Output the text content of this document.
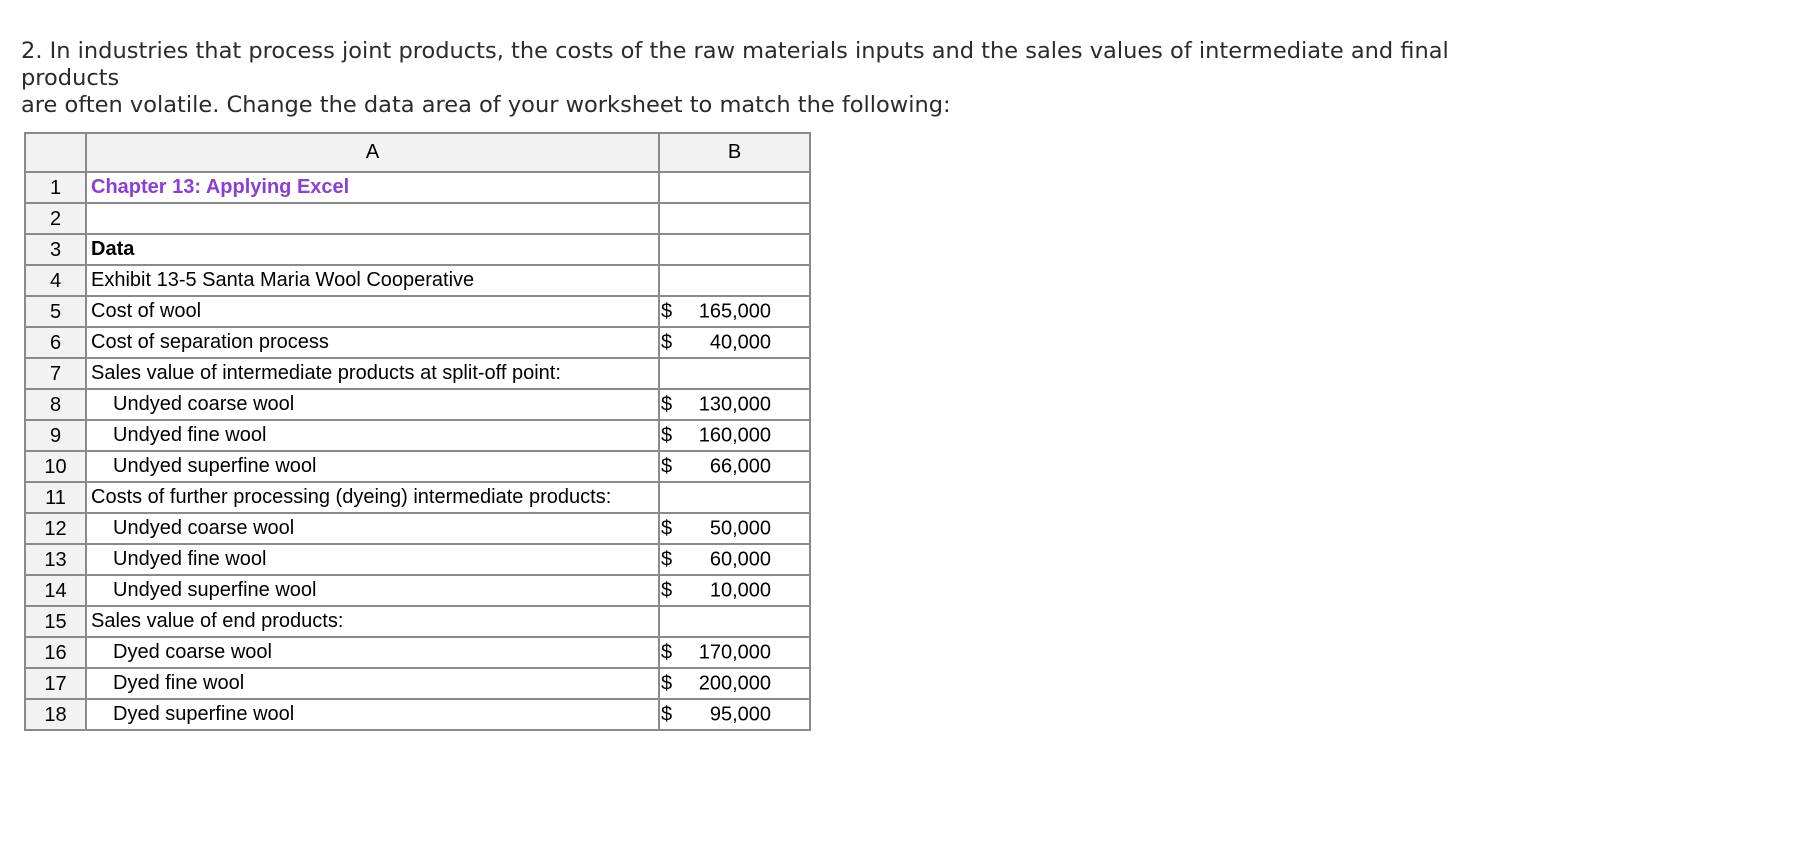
2. In industries that process joint products, the costs of the raw materials inputs and the sales values of intermediate and final products
are often volatile. Change the data area of your worksheet to match the following:
	A	B
1	Chapter 13: Applying Excel	

2		

3	Data	

4	Exhibit 13-5 Santa Maria Wool Cooperative	

5	Cost of wool	$ 165,000

6	Cost of separation process	$ 40,000

7	Sales value of intermediate products at split-off point:	

8	Undyed coarse wool	$ 130,000

9	Undyed fine wool	$ 160,000

10	Undyed superfine wool	$ 66,000

11	Costs of further processing (dyeing) intermediate products:	

12	Undyed coarse wool	$ 50,000

13	Undyed fine wool	$ 60,000

14	Undyed superfine wool	$ 10,000

15	Sales value of end products:	

16	Dyed coarse wool	$ 170,000

17	Dyed fine wool	$ 200,000

18	Dyed superfine wool	$ 95,000
